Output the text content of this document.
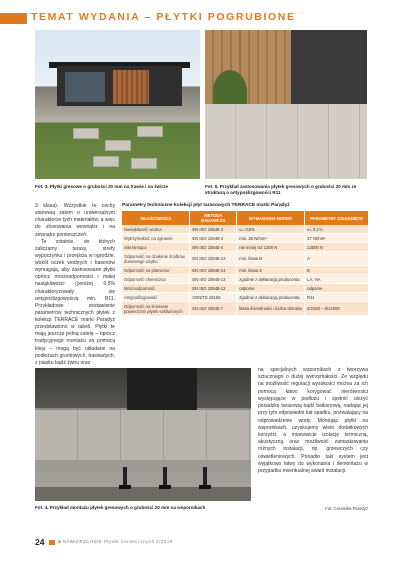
TEMAT WYDANIA – PŁYTKI POGRUBIONE
Fot. 3. Płytki gresowe o grubości 20 mm na trawie i na żwirze	Fot. 5. Przykład zastosowania płytek gresowych o grubości 20 mm ze strukturą o antypoślizgowości R11

3 klasa). Wszystkie te cechy stanowią zatem o uniwersalnym charakterze tych materiałów, a więc do stosowania wewnątrz i na zewnątrz pomieszczeń.

Te ostatnie, do których zaliczamy tarasy, strefy wypoczynku i przejścia w ogrodzie, wokół oczek wodnych i basenów wymagają, aby zastosowane płytki oprócz mrozoodporności i małej nasiąkliwości (poniżej 0,5% charakteryzowały się antypoślizgowością min. R11. Przykładowe zestawienie parametrów technicznych płytek z kolekcji TERRACE marki Paradyż przedstawiono w tabeli. Płytki te mają jeszcze jedną zaletę – oprócz tradycyjnego montażu za pomocą kleju – mogą być układane na podłożach gruntowych, trawiastych, z piasku bądź żwiru oraz

Parametry techniczne kolekcji płyt tarasowych TERRACE marki Paradyż
WŁAŚCIWOŚCI	METODA BADAWCZA	WYMAGANIA NORMY	PARAMETRY OSIĄGNIĘTE
Nasiąkliwość wodna	EN ISO 10545-3	≤= 0,5%	≤= 0,1%
Wytrzymałość na zginanie	EN ISO 10545-4	min. 35 N/mm²	37 N/mm²
Siła łamiąca	EN ISO 10545-4	nie mniej niż 1300 N	13000 N
Odporność na działanie środków domowego użytku	EN ISO 10545-13	min. klasa B	A
Odporność na plamienie	EN ISO 10545-14	min. klasa 3	5
Odporność chemiczna	EN ISO 10545-13	zgodnie z deklaracją producenta	LA, HA
Mrozoodporność	EN ISO 10545-12	odporne	odporne
Antypoślizgowość	CEN/TS 16165	zgodnie z deklaracją producenta	R11
Odporność na ścieranie powierzchni płytek szkliwionych	EN ISO 10545-7	klasa ścieralności i liczba obrotów	4/2100 – 5/12000
Fot. 4. Przykład montażu płytek gresowych o grubości 20 mm na wspornikach
na specjalnych wspornikach z tworzywa sztucznego o dużej wytrzymałości. Ze względu na możliwość regulacji wysokości można za ich pomocą łatwo korygować nierówności występujące w podłożu i spełnić ułożyć posadzkę tarasową bądź balkonową, nadając jej przy tym odpowiedni kąt spadku, pozwalający na odprowadzenie wody. Montując płytki na wspornikach, uzyskujemy wiele dodatkowych korzyści, a mianowicie izolację termiczną, akustyczną oraz możliwość zamaskowania różnych instalacji, np. grzewczych czy oświetleniowych. Ponadto taki system jest wyjątkowo łatwy do wykonania i demontażu w przypadku ewentualnej awarii instalacji.
Fot. Ceramika Paradyż
24	■ NAWIERZCHNIE Płytek Ceramicznych 2/2019
